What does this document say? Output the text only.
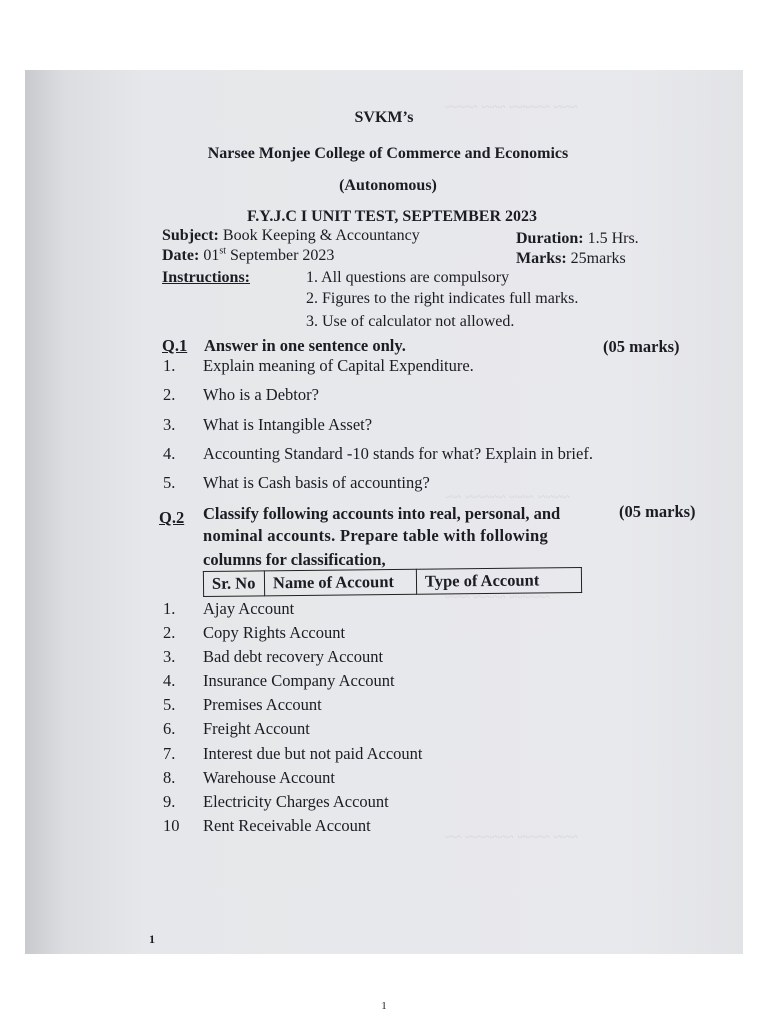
~~~ ~~~~~ ~~~ ~~~~
~~~~ ~~~ ~~~~~ ~~
~~~~~ ~~~~ ~~~
~~~ ~~~~ ~~~~~~ ~~
SVKM’s
Narsee Monjee College of Commerce and Economics
(Autonomous)
F.Y.J.C I UNIT TEST, SEPTEMBER 2023
Subject: Book Keeping & Accountancy	Duration: 1.5 Hrs.
Date: 01st September 2023	Marks: 25marks
Instructions:	1. All questions are compulsory
2. Figures to the right indicates full marks.
3. Use of calculator not allowed.
Q.1 Answer in one sentence only.	(05 marks)
1.	Explain meaning of Capital Expenditure.
2.	Who is a Debtor?
3.	What is Intangible Asset?
4.	Accounting Standard -10 stands for what? Explain in brief.
5.	What is Cash basis of accounting?
Q.2 Classify following accounts into real, personal, and	(05 marks)
nominal accounts. Prepare table with following
columns for classification,
Sr. No	Name of Account	Type of Account
1.	Ajay Account
2.	Copy Rights Account
3.	Bad debt recovery Account
4.	Insurance Company Account
5.	Premises Account
6.	Freight Account
7.	Interest due but not paid Account
8.	Warehouse Account
9.	Electricity Charges Account
10	Rent Receivable Account
1
1
